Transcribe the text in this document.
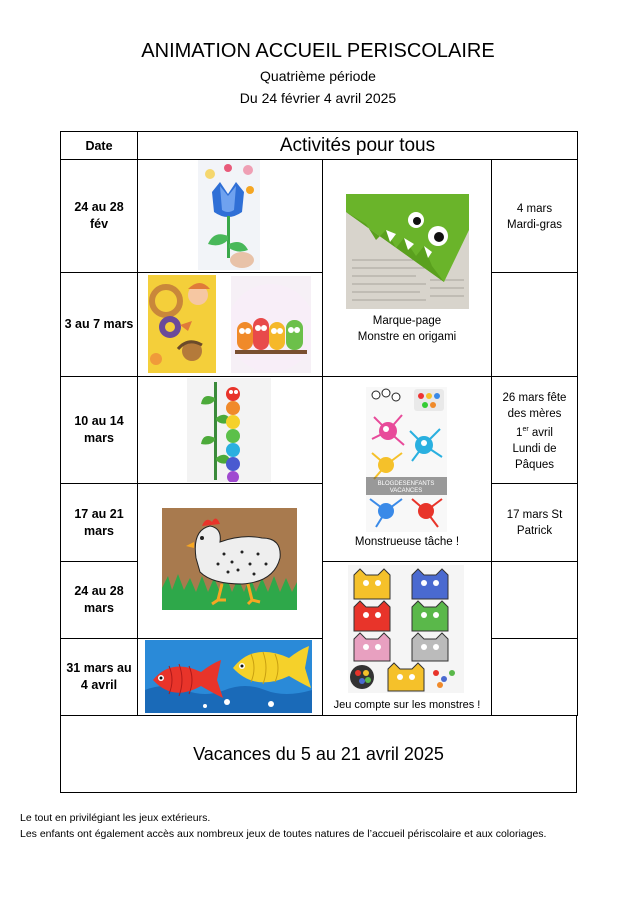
ANIMATION ACCUEIL PERISCOLAIRE
Quatrième période
Du 24 février 4 avril 2025
Date	Activités pour tous
24 au 28
fév
3 au 7 mars
10 au 14
mars
17 au 21
mars
24 au 28
mars
31 mars au
4 avril
4 mars
Mardi-gras
26 mars fête
des mères
1er avril
Lundi de
Pâques
17 mars St
Patrick
Marque-page
Monstre en origami
BLOGDESENFANTS
VACANCES
Monstrueuse tâche !
Jeu compte sur les monstres !
Vacances du 5 au 21 avril 2025
Le tout en privilégiant les jeux extérieurs.
Les enfants ont également accès aux nombreux jeux de toutes natures de l’accueil périscolaire et aux coloriages.
